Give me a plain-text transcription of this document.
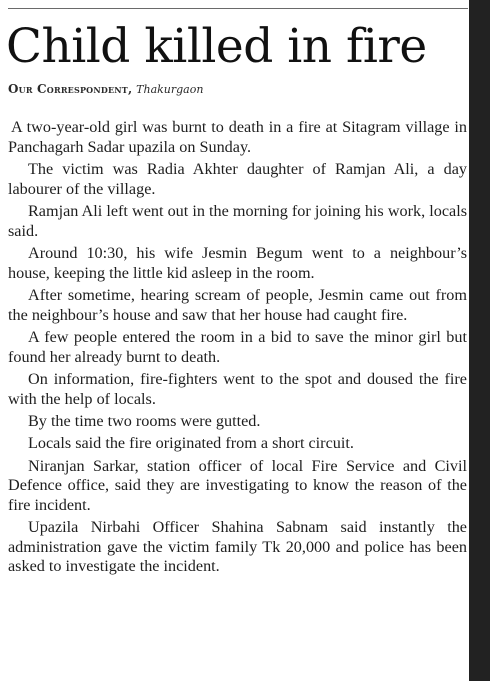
Child killed in fire
Our Correspondent, Thakurgaon

A two-year-old girl was burnt to death in a fire at Sitagram village in Panchagarh Sadar upazila on Sunday.

The victim was Radia Akhter daughter of Ramjan Ali, a day labourer of the village.

Ramjan Ali left went out in the morning for joining his work, locals said.

Around 10:30, his wife Jesmin Begum went to a neighbour’s house, keeping the little kid asleep in the room.

After sometime, hearing scream of people, Jesmin came out from the neighbour’s house and saw that her house had caught fire.

A few people entered the room in a bid to save the minor girl but found her already burnt to death.

On information, fire-fighters went to the spot and doused the fire with the help of locals.

By the time two rooms were gutted.

Locals said the fire originated from a short circuit.

Niranjan Sarkar, station officer of local Fire Service and Civil Defence office, said they are investigating to know the reason of the fire incident.

Upazila Nirbahi Officer Shahina Sabnam said instantly the administration gave the victim family Tk 20,000 and police has been asked to investigate the incident.
